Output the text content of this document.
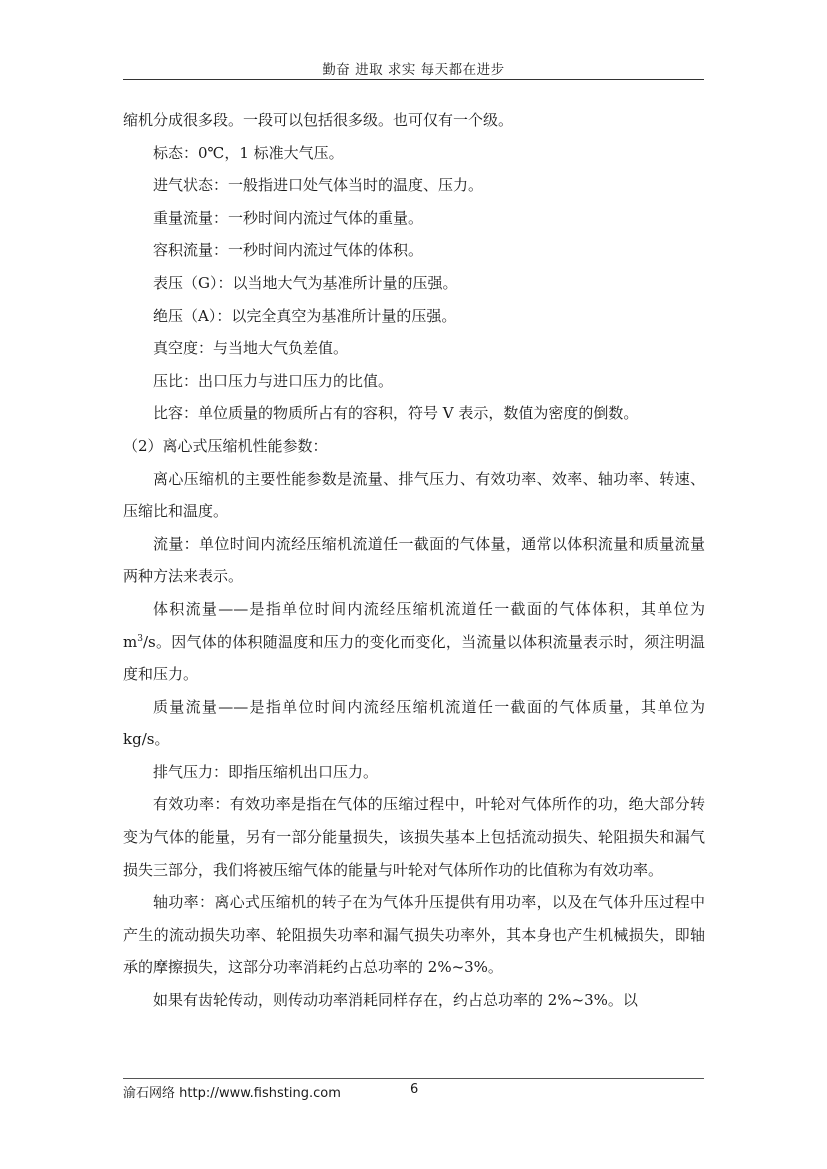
勤奋 进取 求实 每天都在进步

缩机分成很多段。一段可以包括很多级。也可仅有一个级。

标态：0℃，1 标准大气压。

进气状态：一般指进口处气体当时的温度、压力。

重量流量：一秒时间内流过气体的重量。

容积流量：一秒时间内流过气体的体积。

表压（G）：以当地大气为基准所计量的压强。

绝压（A）：以完全真空为基准所计量的压强。

真空度：与当地大气负差值。

压比：出口压力与进口压力的比值。

比容：单位质量的物质所占有的容积，符号 V 表示，数值为密度的倒数。

（2）离心式压缩机性能参数：

离心压缩机的主要性能参数是流量、排气压力、有效功率、效率、轴功率、转速、压缩比和温度。

流量：单位时间内流经压缩机流道任一截面的气体量，通常以体积流量和质量流量两种方法来表示。

体积流量——是指单位时间内流经压缩机流道任一截面的气体体积，其单位为 $m^3/s$。因气体的体积随温度和压力的变化而变化，当流量以体积流量表示时，须注明温度和压力。

质量流量——是指单位时间内流经压缩机流道任一截面的气体质量，其单位为 kg/s。

排气压力：即指压缩机出口压力。

有效功率：有效功率是指在气体的压缩过程中，叶轮对气体所作的功，绝大部分转变为气体的能量，另有一部分能量损失，该损失基本上包括流动损失、轮阻损失和漏气损失三部分，我们将被压缩气体的能量与叶轮对气体所作功的比值称为有效功率。

轴功率：离心式压缩机的转子在为气体升压提供有用功率，以及在气体升压过程中产生的流动损失功率、轮阻损失功率和漏气损失功率外，其本身也产生机械损失，即轴承的摩擦损失，这部分功率消耗约占总功率的 2%~3%。

如果有齿轮传动，则传动功率消耗同样存在，约占总功率的 2%~3%。以

渝石网络 http://www.fishsting.com	6
